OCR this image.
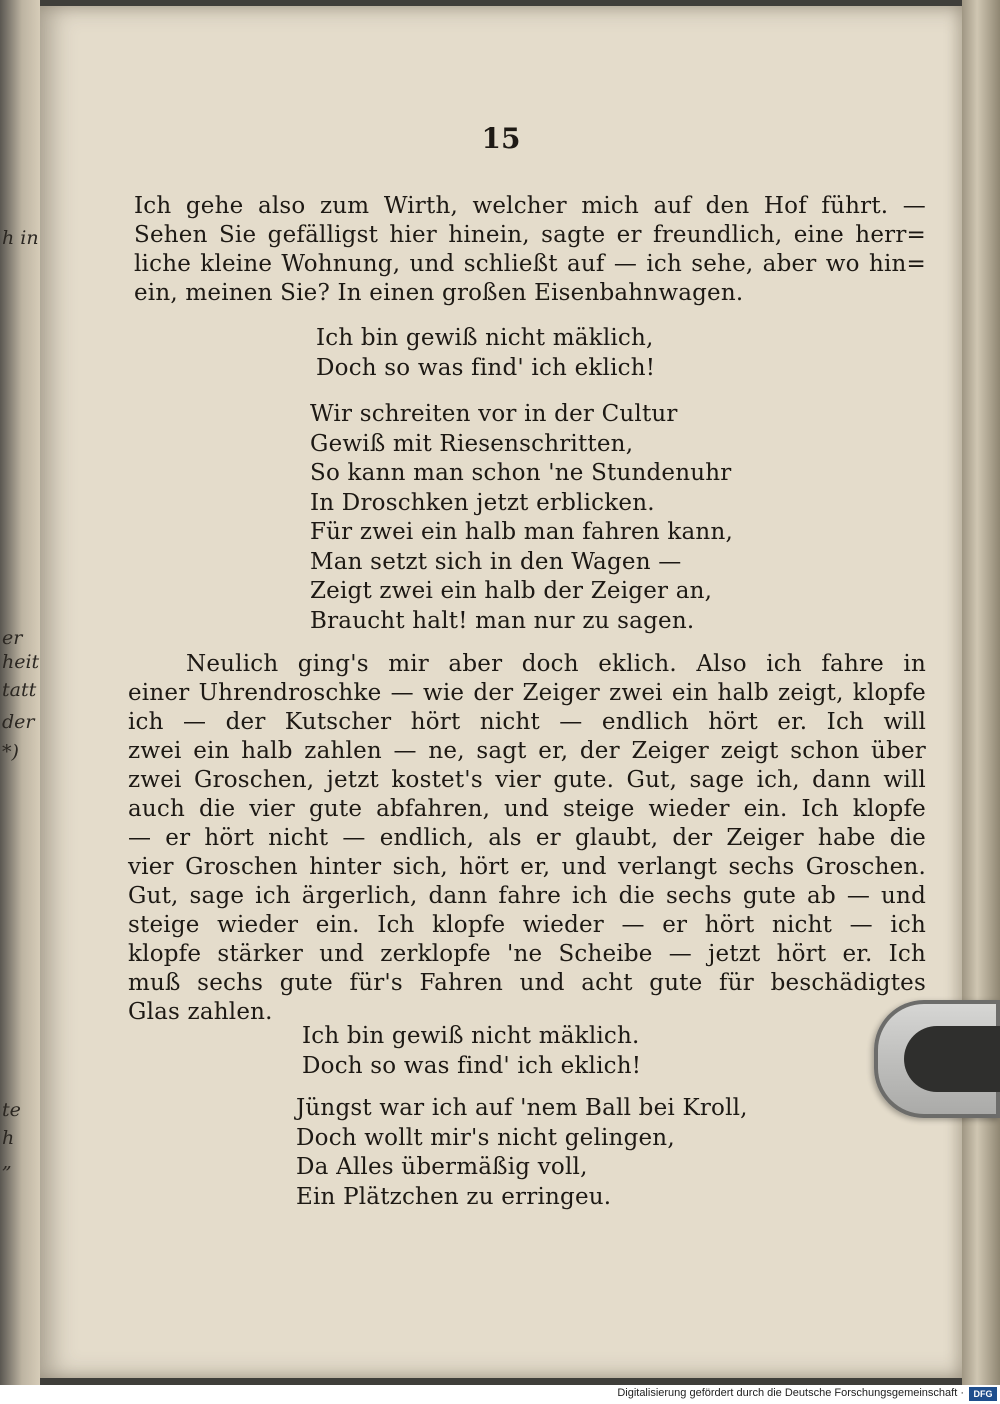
h in
er
heit
tatt
der
*)
te
h
„
15
Ich gehe also zum Wirth, welcher mich auf den Hof führt. —
Sehen Sie gefälligst hier hinein, sagte er freundlich, eine herr=
liche kleine Wohnung, und schließt auf — ich sehe, aber wo hin=
ein, meinen Sie? In einen großen Eisenbahnwagen.
Ich bin gewiß nicht mäklich,
Doch so was find' ich eklich!
Wir schreiten vor in der Cultur
Gewiß mit Riesenschritten,
So kann man schon 'ne Stundenuhr
In Droschken jetzt erblicken.
Für zwei ein halb man fahren kann,
Man setzt sich in den Wagen —
Zeigt zwei ein halb der Zeiger an,
Braucht halt! man nur zu sagen.
Neulich ging's mir aber doch eklich. Also ich fahre in
einer Uhrendroschke — wie der Zeiger zwei ein halb zeigt, klopfe
ich — der Kutscher hört nicht — endlich hört er. Ich will
zwei ein halb zahlen — ne, sagt er, der Zeiger zeigt schon über
zwei Groschen, jetzt kostet's vier gute. Gut, sage ich, dann will
auch die vier gute abfahren, und steige wieder ein. Ich klopfe
— er hört nicht — endlich, als er glaubt, der Zeiger habe die
vier Groschen hinter sich, hört er, und verlangt sechs Groschen.
Gut, sage ich ärgerlich, dann fahre ich die sechs gute ab — und
steige wieder ein. Ich klopfe wieder — er hört nicht — ich
klopfe stärker und zerklopfe 'ne Scheibe — jetzt hört er. Ich
muß sechs gute für's Fahren und acht gute für beschädigtes
Glas zahlen.
Ich bin gewiß nicht mäklich.
Doch so was find' ich eklich!
Jüngst war ich auf 'nem Ball bei Kroll,
Doch wollt mir's nicht gelingen,
Da Alles übermäßig voll,
Ein Plätzchen zu erringeu.
Digitalisierung gefördert durch die Deutsche Forschungsgemeinschaft ·	DFG
